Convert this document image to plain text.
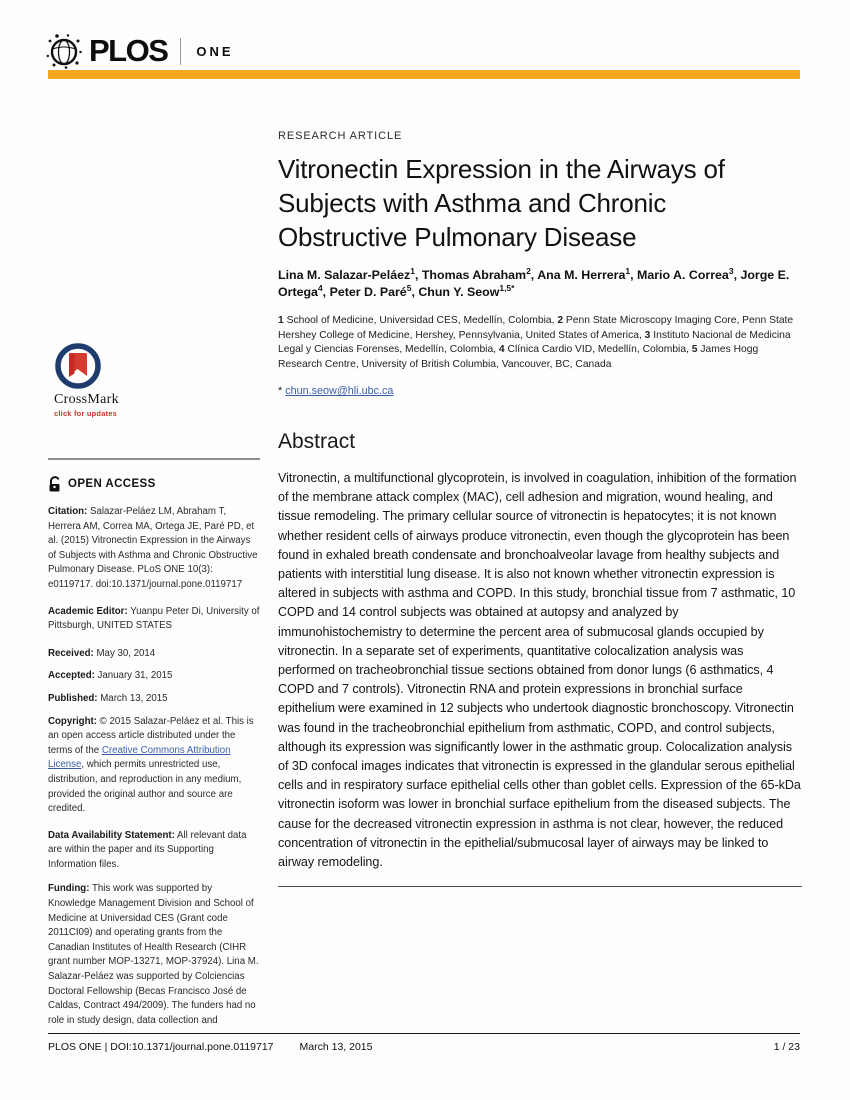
PLOS ONE
CrossMark
click for updates
OPEN ACCESS

Citation: Salazar-Peláez LM, Abraham T, Herrera AM, Correa MA, Ortega JE, Paré PD, et al. (2015) Vitronectin Expression in the Airways of Subjects with Asthma and Chronic Obstructive Pulmonary Disease. PLoS ONE 10(3): e0119717. doi:10.1371/journal.pone.0119717

Academic Editor: Yuanpu Peter Di, University of Pittsburgh, UNITED STATES

Received: May 30, 2014

Accepted: January 31, 2015

Published: March 13, 2015

Copyright: © 2015 Salazar-Peláez et al. This is an open access article distributed under the terms of the Creative Commons Attribution License, which permits unrestricted use, distribution, and reproduction in any medium, provided the original author and source are credited.

Data Availability Statement: All relevant data are within the paper and its Supporting Information files.

Funding: This work was supported by Knowledge Management Division and School of Medicine at Universidad CES (Grant code 2011CI09) and operating grants from the Canadian Institutes of Health Research (CIHR grant number MOP-13271, MOP-37924). Lina M. Salazar-Peláez was supported by Colciencias Doctoral Fellowship (Becas Francisco José de Caldas, Contract 494/2009). The funders had no role in study design, data collection and

RESEARCH ARTICLE
Vitronectin Expression in the Airways of
Subjects with Asthma and Chronic
Obstructive Pulmonary Disease
Lina M. Salazar-Peláez$^1$, Thomas Abraham$^2$, Ana M. Herrera$^1$, Mario A. Correa$^3$, Jorge E. Ortega$^4$, Peter D. Paré$^5$, Chun Y. Seow$^{1,5*}$
1 School of Medicine, Universidad CES, Medellín, Colombia, 2 Penn State Microscopy Imaging Core, Penn State Hershey College of Medicine, Hershey, Pennsylvania, United States of America, 3 Instituto Nacional de Medicina Legal y Ciencias Forenses, Medellín, Colombia, 4 Clínica Cardio VID, Medellín, Colombia, 5 James Hogg Research Centre, University of British Columbia, Vancouver, BC, Canada
* chun.seow@hli.ubc.ca
Abstract
Vitronectin, a multifunctional glycoprotein, is involved in coagulation, inhibition of the formation of the membrane attack complex (MAC), cell adhesion and migration, wound healing, and tissue remodeling. The primary cellular source of vitronectin is hepatocytes; it is not known whether resident cells of airways produce vitronectin, even though the glycoprotein has been found in exhaled breath condensate and bronchoalveolar lavage from healthy subjects and patients with interstitial lung disease. It is also not known whether vitronectin expression is altered in subjects with asthma and COPD. In this study, bronchial tissue from 7 asthmatic, 10 COPD and 14 control subjects was obtained at autopsy and analyzed by immunohistochemistry to determine the percent area of submucosal glands occupied by vitronectin. In a separate set of experiments, quantitative colocalization analysis was performed on tracheobronchial tissue sections obtained from donor lungs (6 asthmatics, 4 COPD and 7 controls). Vitronectin RNA and protein expressions in bronchial surface epithelium were examined in 12 subjects who undertook diagnostic bronchoscopy. Vitronectin was found in the tracheobronchial epithelium from asthmatic, COPD, and control subjects, although its expression was significantly lower in the asthmatic group. Colocalization analysis of 3D confocal images indicates that vitronectin is expressed in the glandular serous epithelial cells and in respiratory surface epithelial cells other than goblet cells. Expression of the 65-kDa vitronectin isoform was lower in bronchial surface epithelium from the diseased subjects. The cause for the decreased vitronectin expression in asthma is not clear, however, the reduced concentration of vitronectin in the epithelial/submucosal layer of airways may be linked to airway remodeling.
PLOS ONE | DOI:10.1371/journal.pone.0119717 March 13, 2015	1 / 23
